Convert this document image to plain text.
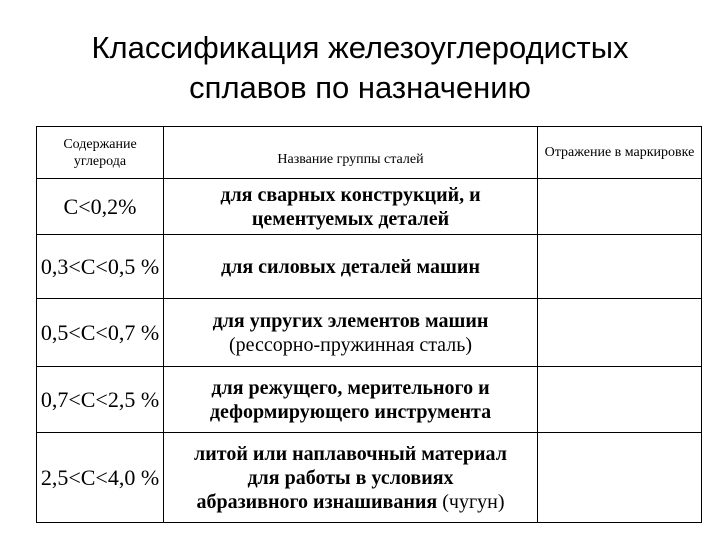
Классификация железоуглеродистых
сплавов по назначению
Содержание углерода	Название группы сталей	Отражение в маркировке
С<0,2%	для сварных конструкций, и
цементуемых деталей	

0,3<С<0,5 %	для силовых деталей машин	

0,5<С<0,7 %	для упругих элементов машин
(рессорно-пружинная сталь)	

0,7<С<2,5 %	для режущего, мерительного и
деформирующего инструмента	

2,5<С<4,0 %	литой или наплавочный материал
для работы в условиях
абразивного изнашивания (чугун)	
